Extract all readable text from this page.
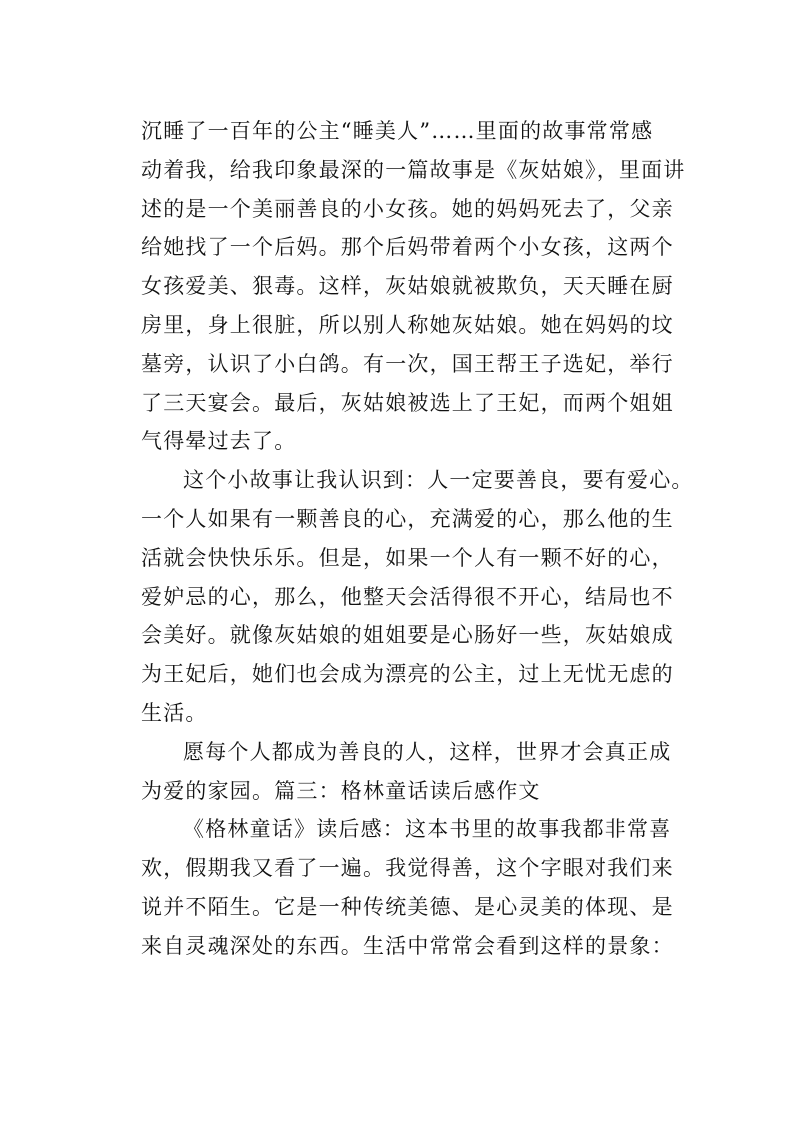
沉睡了一百年的公主“睡美人”……里面的故事常常感
动着我，给我印象最深的一篇故事是《灰姑娘》，里面讲
述的是一个美丽善良的小女孩。她的妈妈死去了，父亲
给她找了一个后妈。那个后妈带着两个小女孩，这两个
女孩爱美、狠毒。这样，灰姑娘就被欺负，天天睡在厨
房里，身上很脏，所以别人称她灰姑娘。她在妈妈的坟
墓旁，认识了小白鸽。有一次，国王帮王子选妃，举行
了三天宴会。最后，灰姑娘被选上了王妃，而两个姐姐
气得晕过去了。
这个小故事让我认识到：人一定要善良，要有爱心。
一个人如果有一颗善良的心，充满爱的心，那么他的生
活就会快快乐乐。但是，如果一个人有一颗不好的心，
爱妒忌的心，那么，他整天会活得很不开心，结局也不
会美好。就像灰姑娘的姐姐要是心肠好一些，灰姑娘成
为王妃后，她们也会成为漂亮的公主，过上无忧无虑的
生活。
愿每个人都成为善良的人，这样，世界才会真正成
为爱的家园。篇三：格林童话读后感作文
《格林童话》读后感：这本书里的故事我都非常喜
欢，假期我又看了一遍。我觉得善，这个字眼对我们来
说并不陌生。它是一种传统美德、是心灵美的体现、是
来自灵魂深处的东西。生活中常常会看到这样的景象：
